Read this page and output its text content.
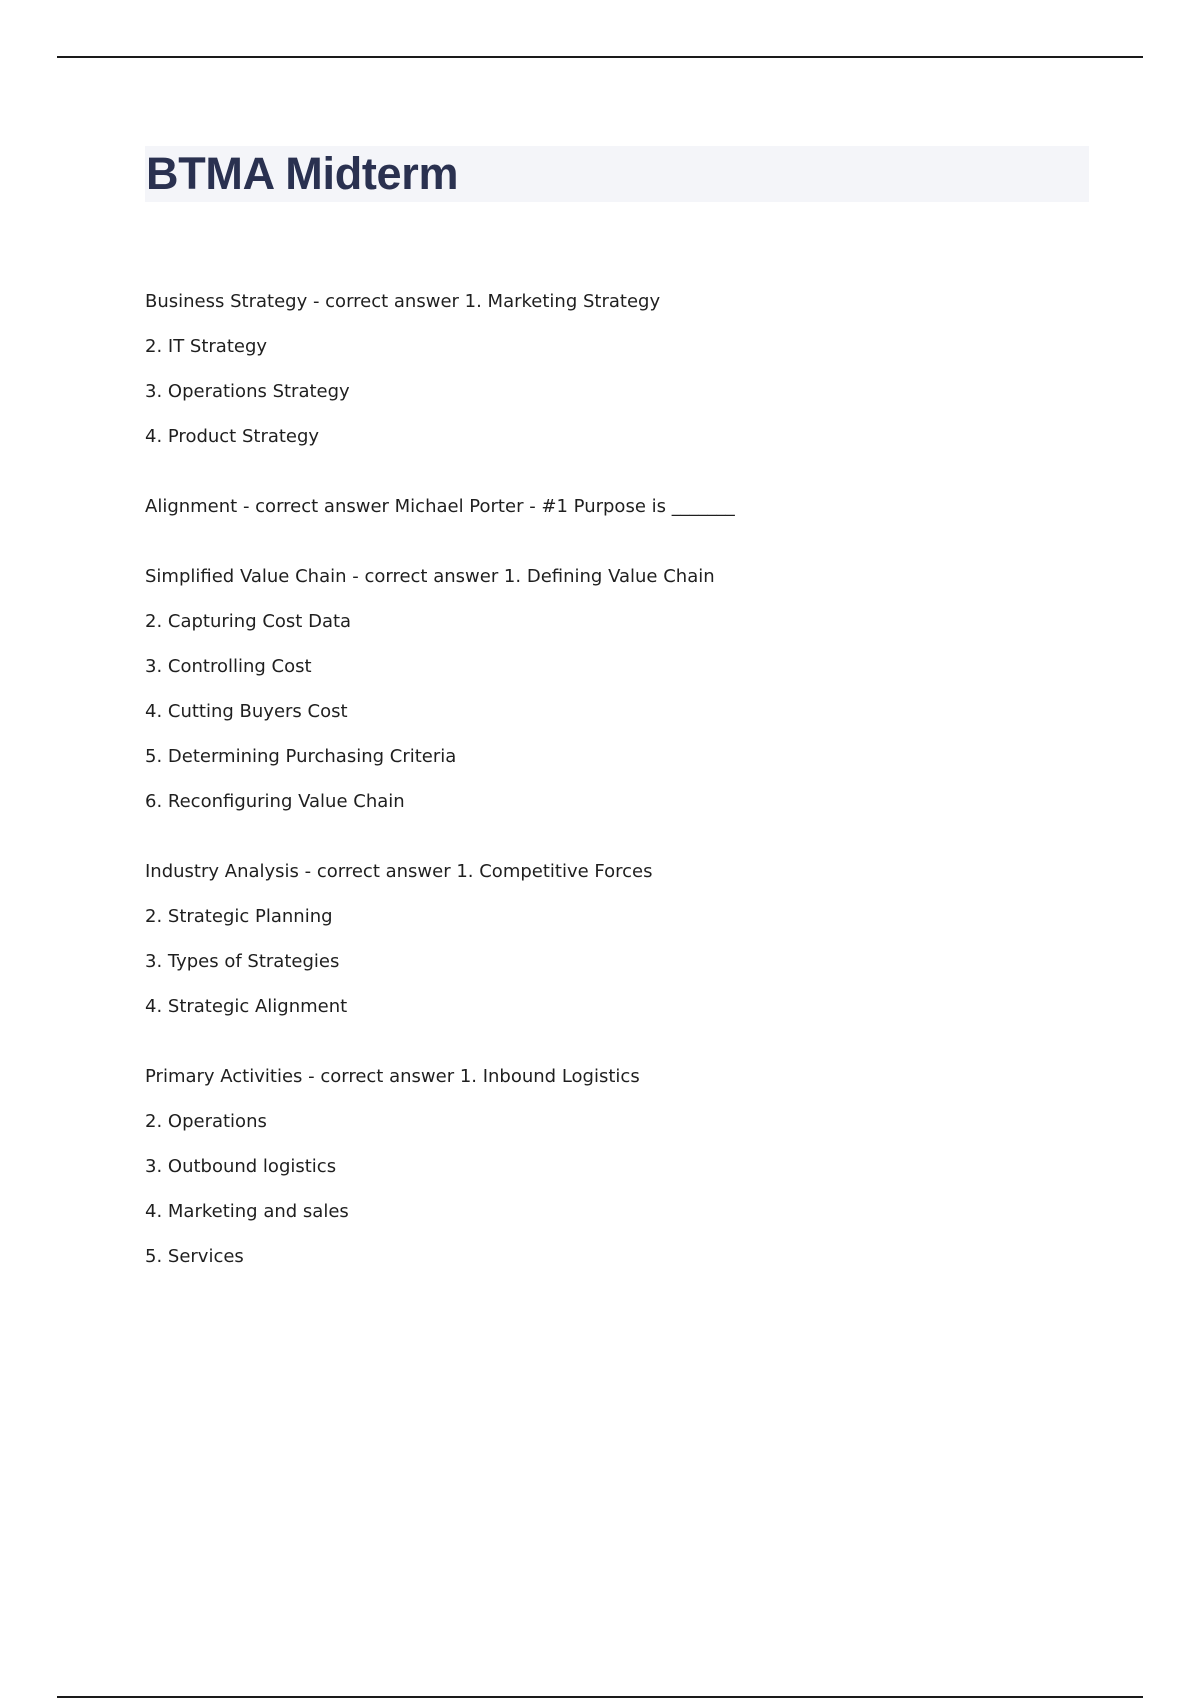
BTMA Midterm
Business Strategy - correct answer 1. Marketing Strategy
2. IT Strategy
3. Operations Strategy
4. Product Strategy
Alignment - correct answer Michael Porter - #1 Purpose is _______
Simplified Value Chain - correct answer 1. Defining Value Chain
2. Capturing Cost Data
3. Controlling Cost
4. Cutting Buyers Cost
5. Determining Purchasing Criteria
6. Reconfiguring Value Chain
Industry Analysis - correct answer 1. Competitive Forces
2. Strategic Planning
3. Types of Strategies
4. Strategic Alignment
Primary Activities - correct answer 1. Inbound Logistics
2. Operations
3. Outbound logistics
4. Marketing and sales
5. Services
